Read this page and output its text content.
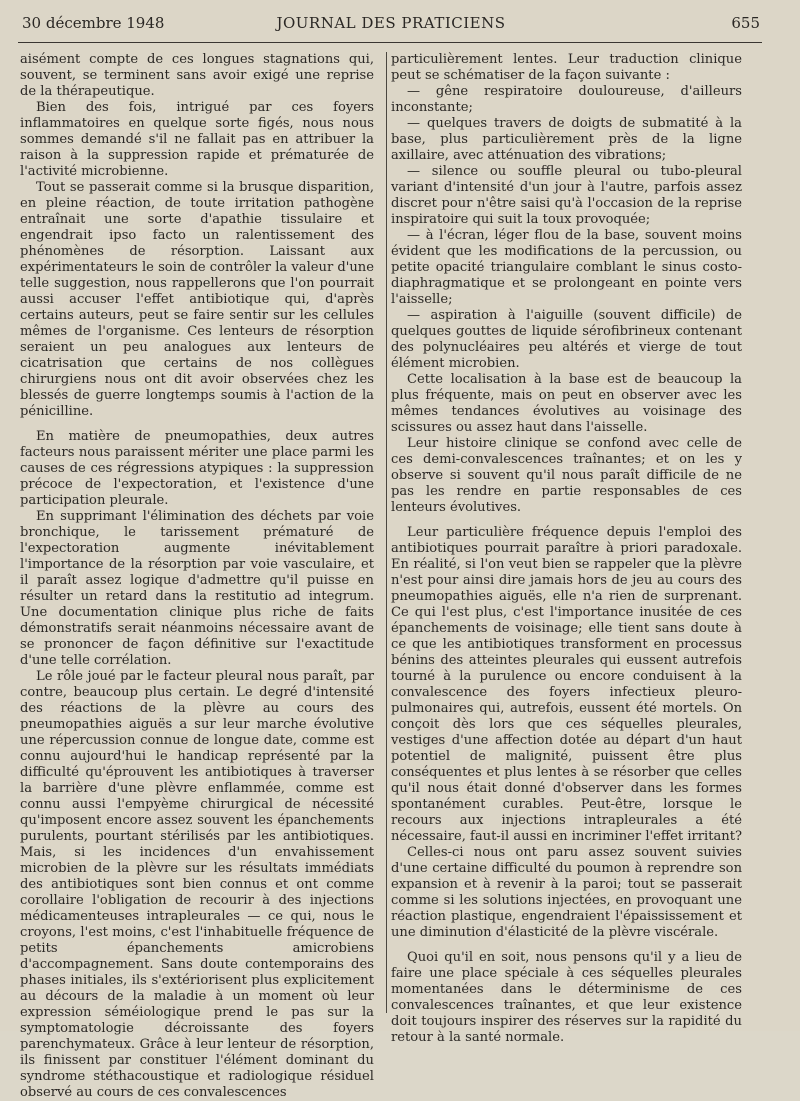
30 décembre 1948	JOURNAL DES PRATICIENS	655

aisément compte de ces longues stagnations qui, souvent, se terminent sans avoir exigé une reprise de la thérapeutique.

Bien des fois, intrigué par ces foyers inflammatoires en quelque sorte figés, nous nous sommes demandé s'il ne fallait pas en attribuer la raison à la suppression rapide et prématurée de l'activité microbienne.

Tout se passerait comme si la brusque disparition, en pleine réaction, de toute irritation pathogène entraînait une sorte d'apathie tissulaire et engendrait ipso facto un ralentissement des phénomènes de résorption. Laissant aux expérimentateurs le soin de contrôler la valeur d'une telle suggestion, nous rappellerons que l'on pourrait aussi accuser l'effet antibiotique qui, d'après certains auteurs, peut se faire sentir sur les cellules mêmes de l'organisme. Ces lenteurs de résorption seraient un peu analogues aux lenteurs de cicatrisation que certains de nos collègues chirurgiens nous ont dit avoir observées chez les blessés de guerre longtemps soumis à l'action de la pénicilline.

En matière de pneumopathies, deux autres facteurs nous paraissent mériter une place parmi les causes de ces régressions atypiques : la suppression précoce de l'expectoration, et l'existence d'une participation pleurale.

En supprimant l'élimination des déchets par voie bronchique, le tarissement prématuré de l'expectoration augmente inévitablement l'importance de la résorption par voie vasculaire, et il paraît assez logique d'admettre qu'il puisse en résulter un retard dans la restitutio ad integrum. Une documentation clinique plus riche de faits démonstratifs serait néanmoins nécessaire avant de se prononcer de façon définitive sur l'exactitude d'une telle corrélation.

Le rôle joué par le facteur pleural nous paraît, par contre, beaucoup plus certain. Le degré d'intensité des réactions de la plèvre au cours des pneumopathies aiguës a sur leur marche évolutive une répercussion connue de longue date, comme est connu aujourd'hui le handicap représenté par la difficulté qu'éprouvent les antibiotiques à traverser la barrière d'une plèvre enflammée, comme est connu aussi l'empyème chirurgical de nécessité qu'imposent encore assez souvent les épanchements purulents, pourtant stérilisés par les antibiotiques. Mais, si les incidences d'un envahissement microbien de la plèvre sur les résultats immédiats des antibiotiques sont bien connus et ont comme corollaire l'obligation de recourir à des injections médicamenteuses intrapleurales — ce qui, nous le croyons, l'est moins, c'est l'inhabituelle fréquence de petits épanchements amicrobiens d'accompagnement. Sans doute contemporains des phases initiales, ils s'extériorisent plus explicitement au décours de la maladie à un moment où leur expression séméiologique prend le pas sur la symptomatologie décroissante des foyers parenchymateux. Grâce à leur lenteur de résorption, ils finissent par constituer l'élément dominant du syndrome stéthacoustique et radiologique résiduel observé au cours de ces convalescences

particulièrement lentes. Leur traduction clinique peut se schématiser de la façon suivante :

— gêne respiratoire douloureuse, d'ailleurs inconstante;

— quelques travers de doigts de submatité à la base, plus particulièrement près de la ligne axillaire, avec atténuation des vibrations;

— silence ou souffle pleural ou tubo-pleural variant d'intensité d'un jour à l'autre, parfois assez discret pour n'être saisi qu'à l'occasion de la reprise inspiratoire qui suit la toux provoquée;

— à l'écran, léger flou de la base, souvent moins évident que les modifications de la percussion, ou petite opacité triangulaire comblant le sinus costo-diaphragmatique et se prolongeant en pointe vers l'aisselle;

— aspiration à l'aiguille (souvent difficile) de quelques gouttes de liquide sérofibrineux contenant des polynucléaires peu altérés et vierge de tout élément microbien.

Cette localisation à la base est de beaucoup la plus fréquente, mais on peut en observer avec les mêmes tendances évolutives au voisinage des scissures ou assez haut dans l'aisselle.

Leur histoire clinique se confond avec celle de ces demi-convalescences traînantes; et on les y observe si souvent qu'il nous paraît difficile de ne pas les rendre en partie responsables de ces lenteurs évolutives.

Leur particulière fréquence depuis l'emploi des antibiotiques pourrait paraître à priori paradoxale. En réalité, si l'on veut bien se rappeler que la plèvre n'est pour ainsi dire jamais hors de jeu au cours des pneumopathies aiguës, elle n'a rien de surprenant. Ce qui l'est plus, c'est l'importance inusitée de ces épanchements de voisinage; elle tient sans doute à ce que les antibiotiques transforment en processus bénins des atteintes pleurales qui eussent autrefois tourné à la purulence ou encore conduisent à la convalescence des foyers infectieux pleuro-pulmonaires qui, autrefois, eussent été mortels. On conçoit dès lors que ces séquelles pleurales, vestiges d'une affection dotée au départ d'un haut potentiel de malignité, puissent être plus conséquentes et plus lentes à se résorber que celles qu'il nous était donné d'observer dans les formes spontanément curables. Peut-être, lorsque le recours aux injections intrapleurales a été nécessaire, faut-il aussi en incriminer l'effet irritant?

Celles-ci nous ont paru assez souvent suivies d'une certaine difficulté du poumon à reprendre son expansion et à revenir à la paroi; tout se passerait comme si les solutions injectées, en provoquant une réaction plastique, engendraient l'épaississement et une diminution d'élasticité de la plèvre viscérale.

Quoi qu'il en soit, nous pensons qu'il y a lieu de faire une place spéciale à ces séquelles pleurales momentanées dans le déterminisme de ces convalescences traînantes, et que leur existence doit toujours inspirer des réserves sur la rapidité du retour à la santé normale.
